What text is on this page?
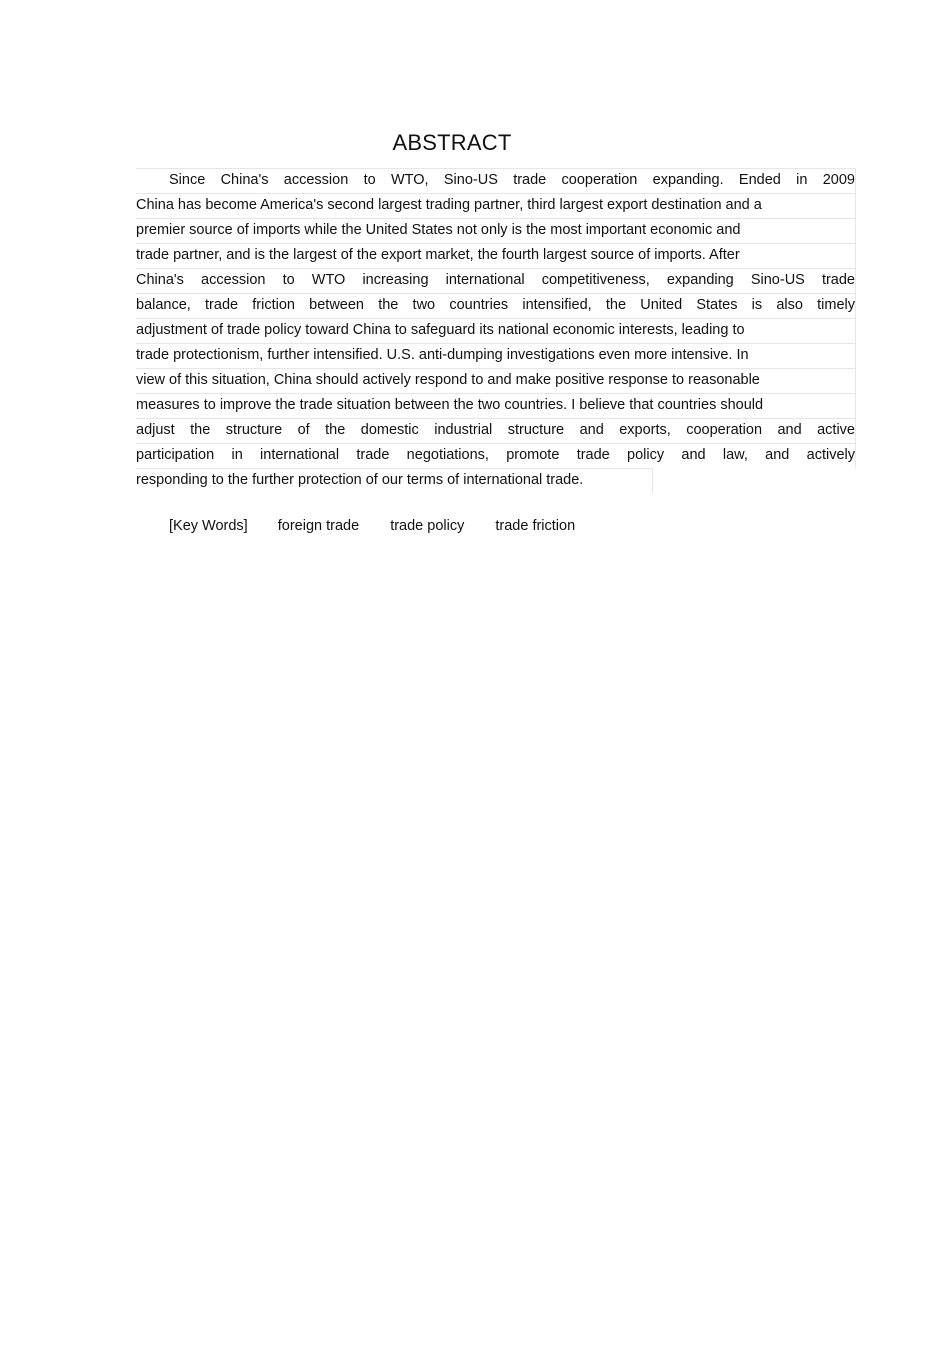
ABSTRACT
Since China's accession to WTO, Sino-US trade cooperation expanding. Ended in 2009
China has become America's second largest trading partner, third largest export destination and a
premier source of imports while the United States not only is the most important economic and
trade partner, and is the largest of the export market, the fourth largest source of imports. After
China's accession to WTO increasing international competitiveness, expanding Sino-US trade
balance, trade friction between the two countries intensified, the United States is also timely
adjustment of trade policy toward China to safeguard its national economic interests, leading to
trade protectionism, further intensified. U.S. anti-dumping investigations even more intensive. In
view of this situation, China should actively respond to and make positive response to reasonable
measures to improve the trade situation between the two countries. I believe that countries should
adjust the structure of the domestic industrial structure and exports, cooperation and active
participation in international trade negotiations, promote trade policy and law, and actively
responding to the further protection of our terms of international trade.
[Key Words] foreign trade trade policy trade friction
